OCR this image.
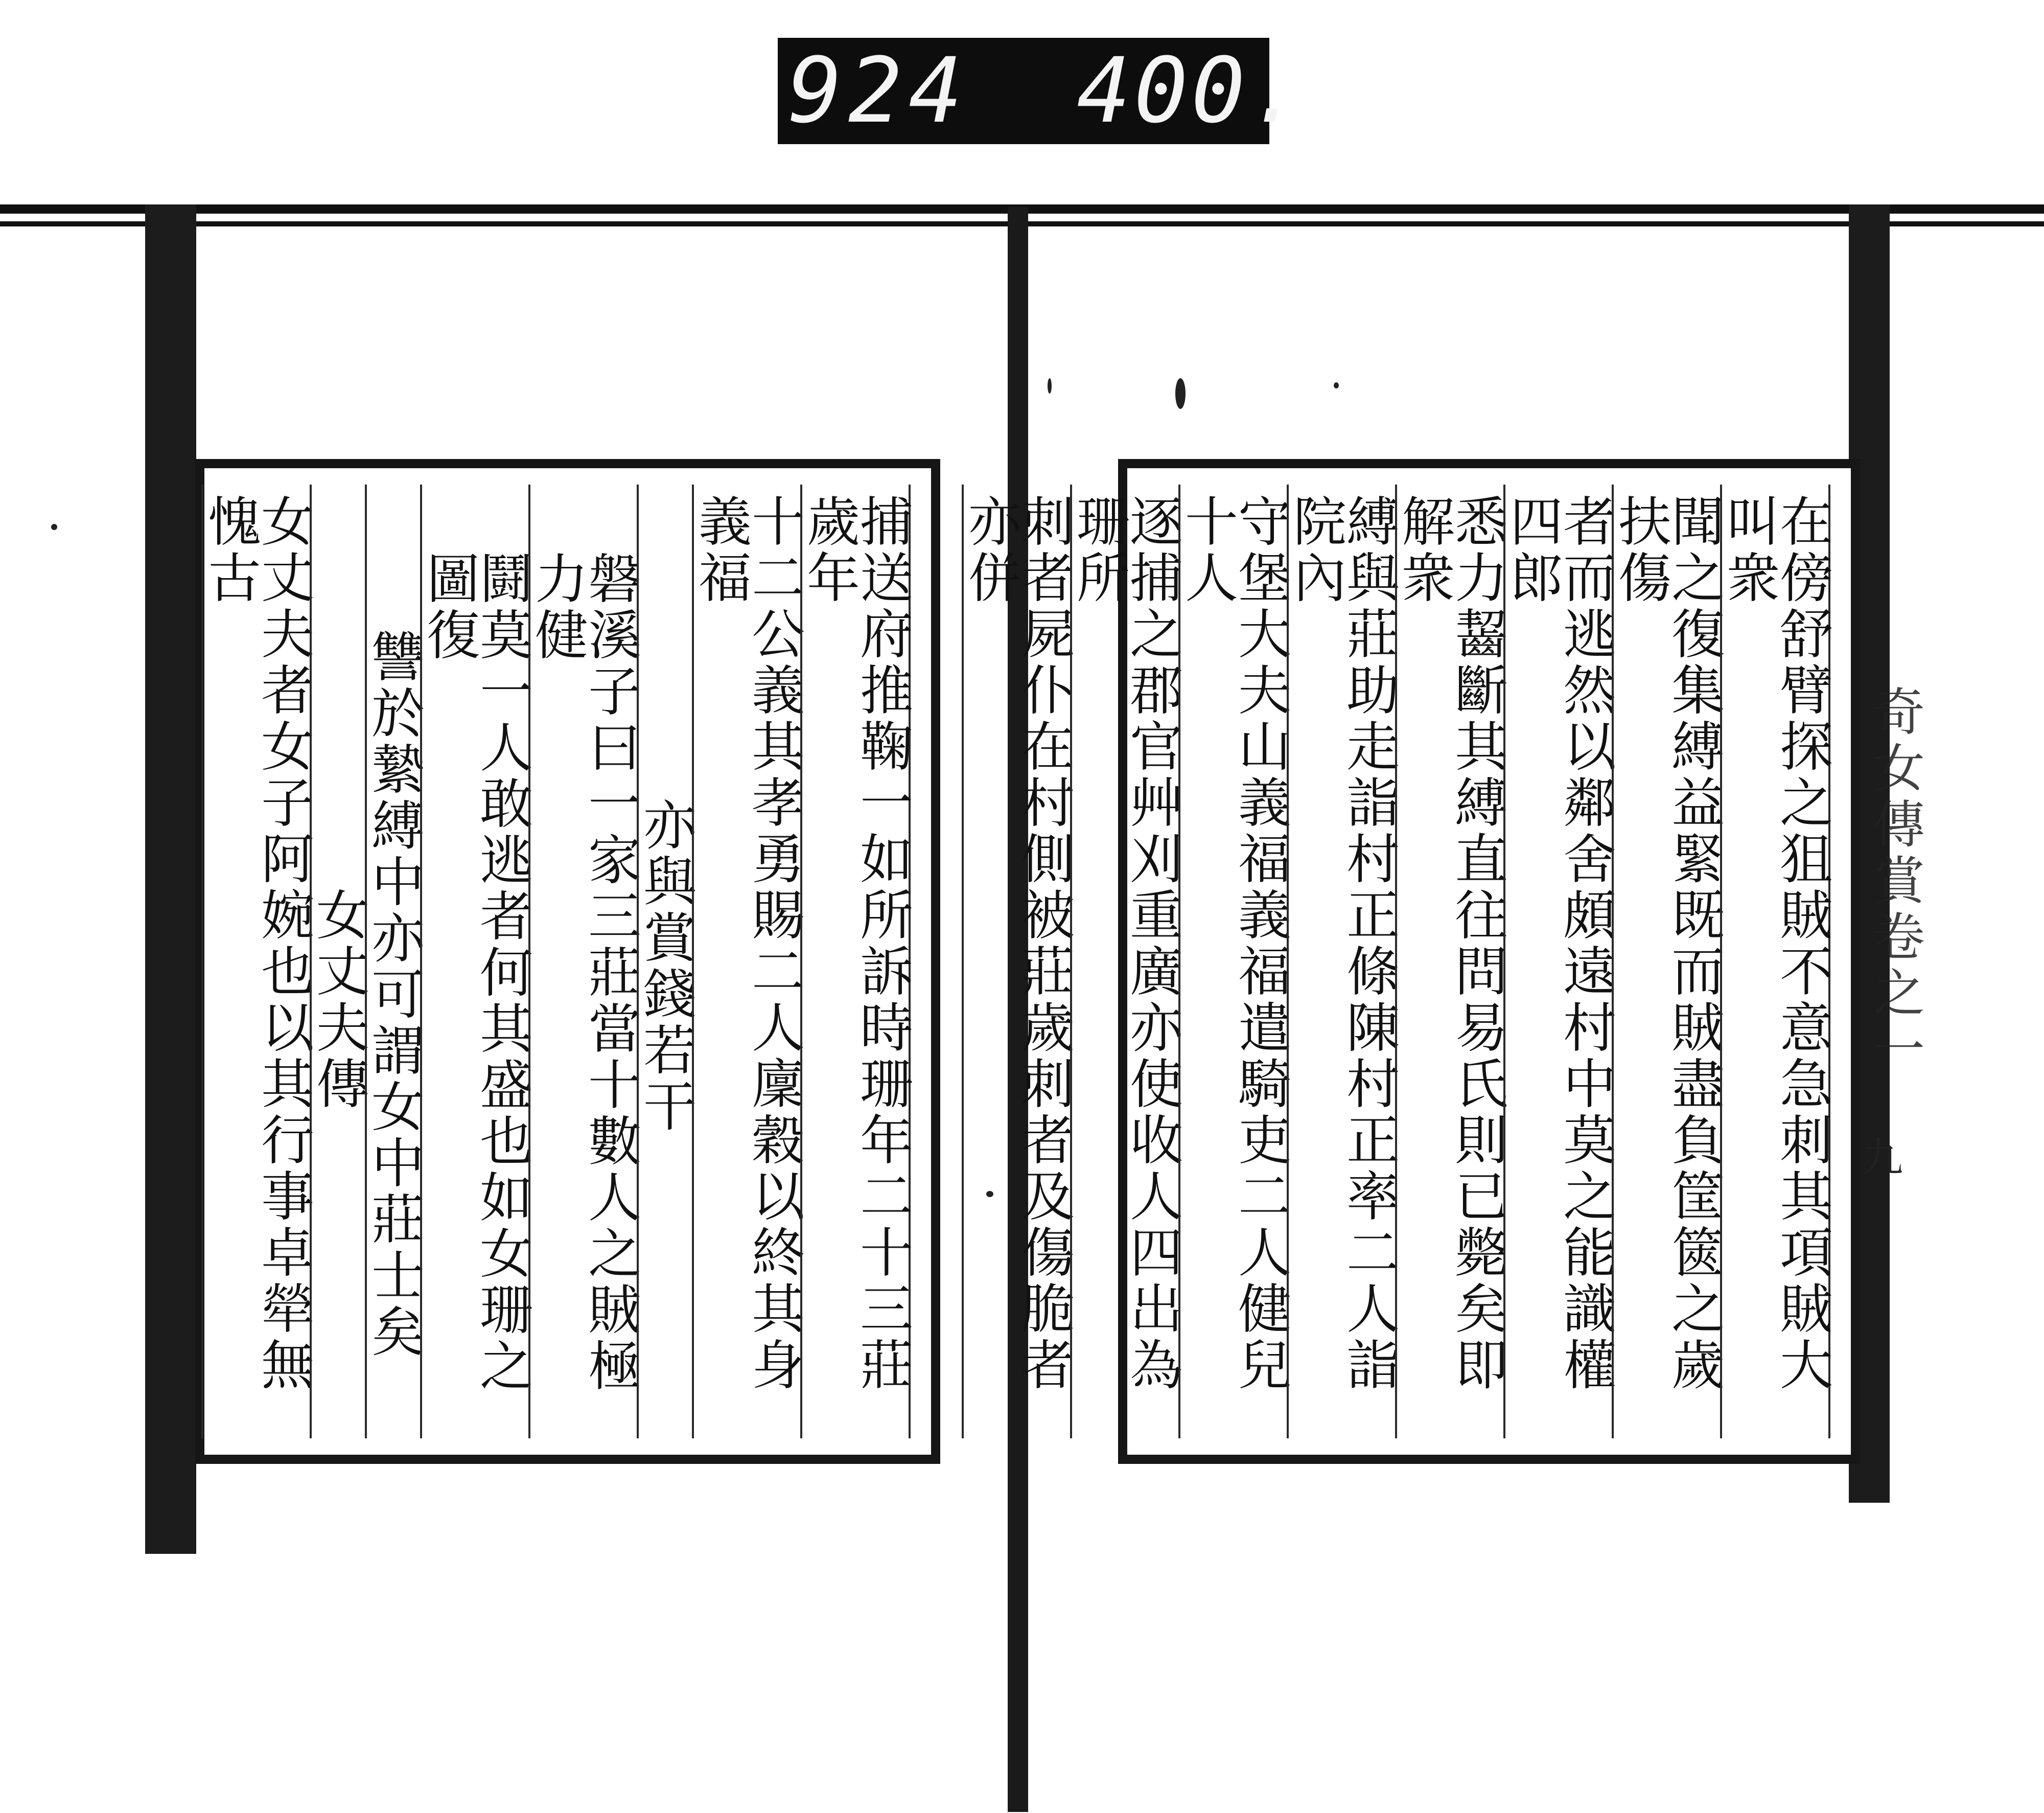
924 400.
奇女傳賞卷之一
九
捕送府推鞠一如所訴時珊年二十三莊歲年
十二公義其孝勇賜二人廩穀以終其身義福
亦與賞錢若干
磐溪子曰一家三莊當十數人之賊極力健
鬪莫一人敢逃者何其盛也如女珊之圖復
讐於縶縛中亦可謂女中莊士矣
女丈夫傳
女丈夫者女子阿婉也以其行事卓犖無愧古	在傍舒臂探之狙賊不意急刺其項賊大叫衆
聞之復集縛益緊既而賊盡負筐篋之歲扶傷
者而逃然以鄰舍頗遠村中莫之能識權四郎
悉力齧斷其縛直往問易氏則已斃矣即解衆
縛與莊助走詣村正條陳村正率二人詣院內
守堡大夫山義福義福遣騎吏二人健兒十人
逐捕之郡官艸刈重廣亦使收人四出為珊所
刺者屍仆在村側被莊歲刺者及傷脆者亦併
